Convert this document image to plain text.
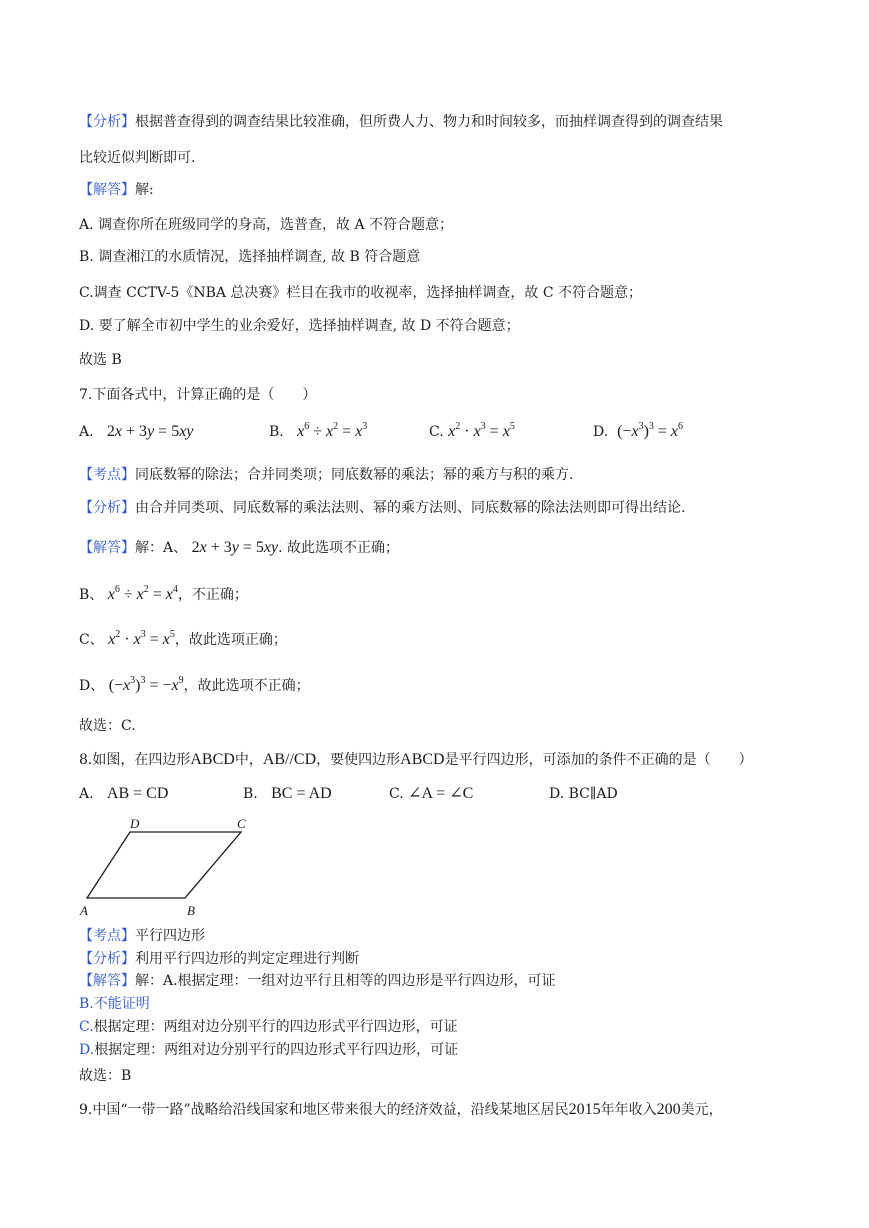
【分析】根据普查得到的调查结果比较准确，但所费人力、物力和时间较多，而抽样调查得到的调查结果
比较近似判断即可.
【解答】解:
A. 调查你所在班级同学的身高，选普查，故 A 不符合题意；
B. 调查湘江的水质情况，选择抽样调查, 故 B 符合题意
C.调查 CCTV-5《NBA 总决赛》栏目在我市的收视率，选择抽样调查，故 C 不符合题意；
D. 要了解全市初中学生的业余爱好，选择抽样调查, 故 D 不符合题意；
故选 B
7.下面各式中，计算正确的是（　　）
A. 2x + 3y = 5xy	B. $x^6 \div x^2 = x^3$	C. $x^2 \cdot x^3 = x^5$	D. $(-x^3)^3 = x^6$
【考点】同底数幂的除法；合并同类项；同底数幂的乘法；幂的乘方与积的乘方.
【分析】由合并同类项、同底数幂的乘法法则、幂的乘方法则、同底数幂的除法法则即可得出结论.
【解答】解：A、 2x + 3y = 5xy. 故此选项不正确；
B、 $x^6 \div x^2 = x^4$，不正确；
C、 $x^2 \cdot x^3 = x^5$，故此选项正确；
D、 $(-x^3)^3 = -x^9$，故此选项不正确；
故选：C.
8.如图，在四边形ABCD中，AB//CD，要使四边形ABCD是平行四边形，可添加的条件不正确的是（　　）
A. AB = CD	B. BC = AD	C. ∠A = ∠C	D. BC∥AD
D	C
A	B
【考点】平行四边形
【分析】利用平行四边形的判定定理进行判断
【解答】解：A.根据定理：一组对边平行且相等的四边形是平行四边形，可证
B.不能证明
C.根据定理：两组对边分别平行的四边形式平行四边形，可证
D.根据定理：两组对边分别平行的四边形式平行四边形，可证
故选：B
9.中国“一带一路”战略给沿线国家和地区带来很大的经济效益，沿线某地区居民2015年年收入200美元，
